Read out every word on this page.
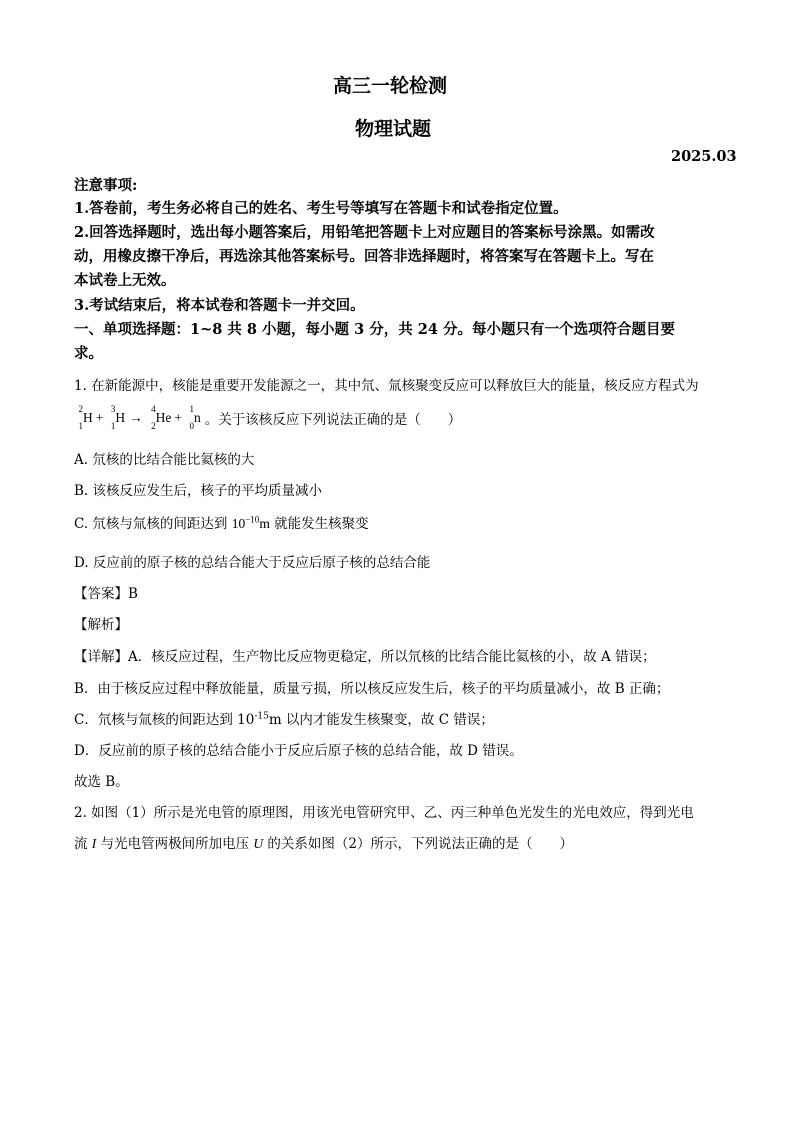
高三一轮检测
物理试题
2025.03
注意事项:
1.答卷前，考生务必将自己的姓名、考生号等填写在答题卡和试卷指定位置。
2.回答选择题时，选出每小题答案后，用铅笔把答题卡上对应题目的答案标号涂黑。如需改
动，用橡皮擦干净后，再选涂其他答案标号。回答非选择题时，将答案写在答题卡上。写在
本试卷上无效。
3.考试结束后，将本试卷和答题卡一并交回。
一、单项选择题：1~8 共 8 小题，每小题 3 分，共 24 分。每小题只有一个选项符合题目要
求。
1. 在新能源中，核能是重要开发能源之一，其中氘、氚核聚变反应可以释放巨大的能量，核反应方程式为
2
1
H +
3
1
H →
4
2
He +
1
0
n 。关于该核反应下列说法正确的是（　　）
A. 氘核的比结合能比氦核的大
B. 该核反应发生后，核子的平均质量减小
C. 氘核与氚核的间距达到 $10^{-10}m$ 就能发生核聚变
D. 反应前的原子核的总结合能大于反应后原子核的总结合能
【答案】B
【解析】
【详解】A．核反应过程，生产物比反应物更稳定，所以氘核的比结合能比氦核的小，故 A 错误；
B．由于核反应过程中释放能量，质量亏损，所以核反应发生后，核子的平均质量减小，故 B 正确；
C．氘核与氚核的间距达到 $10^{-15}m$ 以内才能发生核聚变，故 C 错误；
D．反应前的原子核的总结合能小于反应后原子核的总结合能，故 D 错误。
故选 B。
2. 如图（1）所示是光电管的原理图，用该光电管研究甲、乙、丙三种单色光发生的光电效应，得到光电
流 I 与光电管两极间所加电压 U 的关系如图（2）所示，下列说法正确的是（　　）
